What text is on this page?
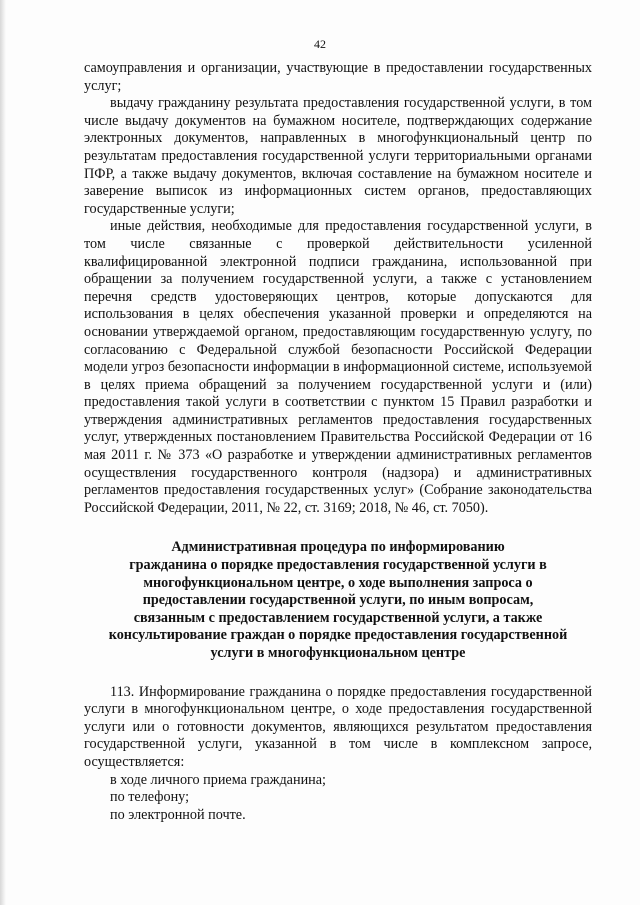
42

самоуправления и организации, участвующие в предоставлении государственных услуг;

выдачу гражданину результата предоставления государственной услуги, в том числе выдачу документов на бумажном носителе, подтверждающих содержание электронных документов, направленных в многофункциональный центр по результатам предоставления государственной услуги территориальными органами ПФР, а также выдачу документов, включая составление на бумажном носителе и заверение выписок из информационных систем органов, предоставляющих государственные услуги;

иные действия, необходимые для предоставления государственной услуги, в том числе связанные с проверкой действительности усиленной квалифицированной электронной подписи гражданина, использованной при обращении за получением государственной услуги, а также с установлением перечня средств удостоверяющих центров, которые допускаются для использования в целях обеспечения указанной проверки и определяются на основании утверждаемой органом, предоставляющим государственную услугу, по согласованию с Федеральной службой безопасности Российской Федерации модели угроз безопасности информации в информационной системе, используемой в целях приема обращений за получением государственной услуги и (или) предоставления такой услуги в соответствии с пунктом 15 Правил разработки и утверждения административных регламентов предоставления государственных услуг, утвержденных постановлением Правительства Российской Федерации от 16 мая 2011 г. № 373 «О разработке и утверждении административных регламентов осуществления государственного контроля (надзора) и административных регламентов предоставления государственных услуг» (Собрание законодательства Российской Федерации, 2011, № 22, ст. 3169; 2018, № 46, ст. 7050).

Административная процедура по информированию
гражданина о порядке предоставления государственной услуги в
многофункциональном центре, о ходе выполнения запроса о
предоставлении государственной услуги, по иным вопросам,
связанным с предоставлением государственной услуги, а также
консультирование граждан о порядке предоставления государственной
услуги в многофункциональном центре

113. Информирование гражданина о порядке предоставления государственной услуги в многофункциональном центре, о ходе предоставления государственной услуги или о готовности документов, являющихся результатом предоставления государственной услуги, указанной в том числе в комплексном запросе, осуществляется:

в ходе личного приема гражданина;

по телефону;

по электронной почте.
